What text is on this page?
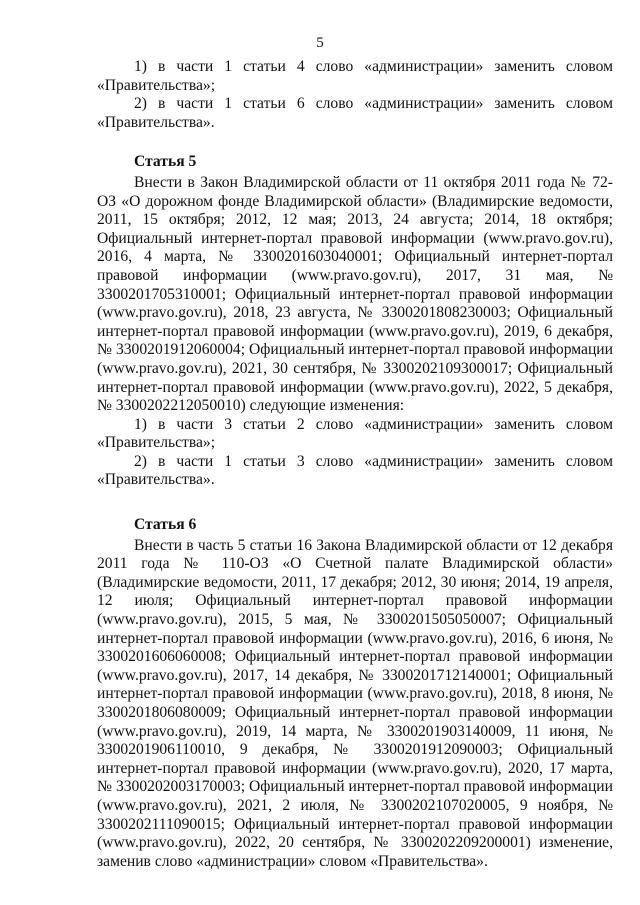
5

1) в части 1 статьи 4 слово «администрации» заменить словом «Правительства»;

2) в части 1 статьи 6 слово «администрации» заменить словом «Правительства».

Статья 5

Внести в Закон Владимирской области от 11 октября 2011 года № 72-ОЗ «О дорожном фонде Владимирской области» (Владимирские ведомости, 2011, 15 октября; 2012, 12 мая; 2013, 24 августа; 2014, 18 октября; Официальный интернет-портал правовой информации (www.pravo.gov.ru), 2016, 4 марта, № 3300201603040001; Официальный интернет-портал правовой информации (www.pravo.gov.ru), 2017, 31 мая, № 3300201705310001; Официальный интернет-портал правовой информации (www.pravo.gov.ru), 2018, 23 августа, № 3300201808230003; Официальный интернет-портал правовой информации (www.pravo.gov.ru), 2019, 6 декабря, № 3300201912060004; Официальный интернет-портал правовой информации (www.pravo.gov.ru), 2021, 30 сентября, № 3300202109300017; Официальный интернет-портал правовой информации (www.pravo.gov.ru), 2022, 5 декабря, № 3300202212050010) следующие изменения:

1) в части 3 статьи 2 слово «администрации» заменить словом «Правительства»;

2) в части 1 статьи 3 слово «администрации» заменить словом «Правительства».

Статья 6

Внести в часть 5 статьи 16 Закона Владимирской области от 12 декабря 2011 года № 110-ОЗ «О Счетной палате Владимирской области» (Владимирские ведомости, 2011, 17 декабря; 2012, 30 июня; 2014, 19 апреля, 12 июля; Официальный интернет-портал правовой информации (www.pravo.gov.ru), 2015, 5 мая, № 3300201505050007; Официальный интернет-портал правовой информации (www.pravo.gov.ru), 2016, 6 июня, № 3300201606060008; Официальный интернет-портал правовой информации (www.pravo.gov.ru), 2017, 14 декабря, № 3300201712140001; Официальный интернет-портал правовой информации (www.pravo.gov.ru), 2018, 8 июня, № 3300201806080009; Официальный интернет-портал правовой информации (www.pravo.gov.ru), 2019, 14 марта, № 3300201903140009, 11 июня, № 3300201906110010, 9 декабря, № 3300201912090003; Официальный интернет-портал правовой информации (www.pravo.gov.ru), 2020, 17 марта, № 3300202003170003; Официальный интернет-портал правовой информации (www.pravo.gov.ru), 2021, 2 июля, № 3300202107020005, 9 ноября, № 3300202111090015; Официальный интернет-портал правовой информации (www.pravo.gov.ru), 2022, 20 сентября, № 3300202209200001) изменение, заменив слово «администрации» словом «Правительства».
